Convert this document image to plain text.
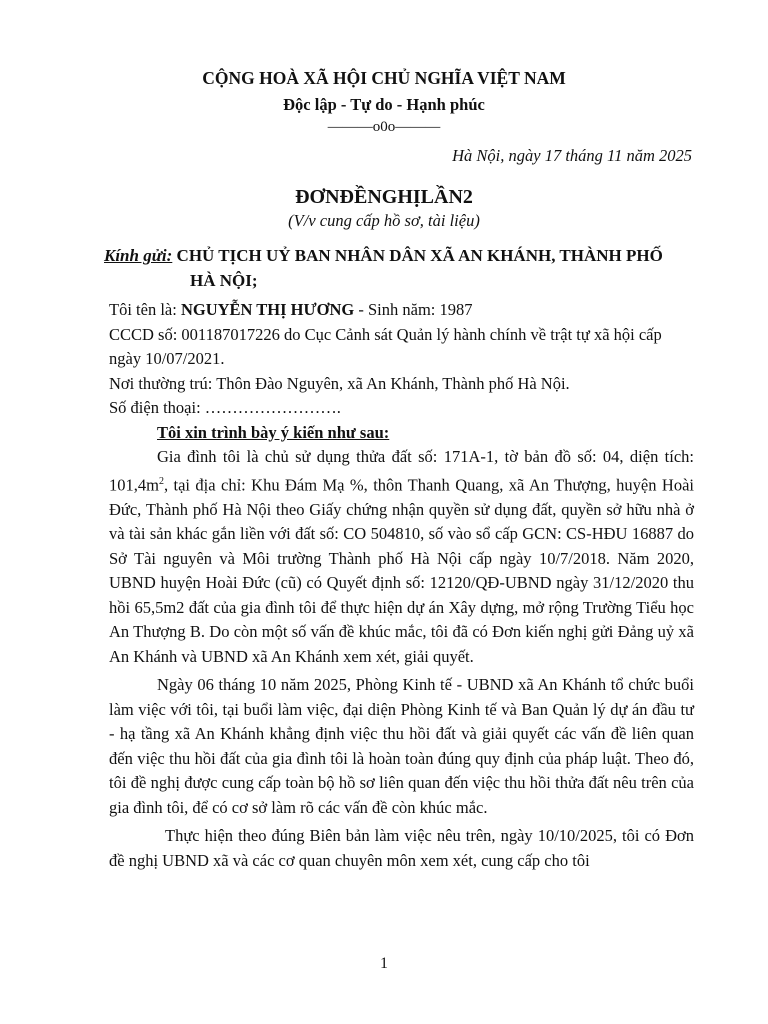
CỘNG HOÀ XÃ HỘI CHỦ NGHĨA VIỆT NAM
Độc lập - Tự do - Hạnh phúc
———o0o———
Hà Nội, ngày 17 tháng 11 năm 2025
ĐƠNĐỀNGHỊLẦN2
(V/v cung cấp hồ sơ, tài liệu)
Kính gửi: CHỦ TỊCH UỶ BAN NHÂN DÂN XÃ AN KHÁNH, THÀNH PHỐ
HÀ NỘI;

Tôi tên là: NGUYỄN THỊ HƯƠNG - Sinh năm: 1987

CCCD số: 001187017226 do Cục Cảnh sát Quản lý hành chính về trật tự xã hội cấp ngày 10/07/2021.

Nơi thường trú: Thôn Đào Nguyên, xã An Khánh, Thành phố Hà Nội.

Số điện thoại: …………………….

Tôi xin trình bày ý kiến như sau:

Gia đình tôi là chủ sử dụng thửa đất số: 171A-1, tờ bản đồ số: 04, diện tích: $101,4m^2$, tại địa chỉ: Khu Đám Mạ %, thôn Thanh Quang, xã An Thượng, huyện Hoài Đức, Thành phố Hà Nội theo Giấy chứng nhận quyền sử dụng đất, quyền sở hữu nhà ở và tài sản khác gắn liền với đất số: CO 504810, số vào sổ cấp GCN: CS-HĐU 16887 do Sở Tài nguyên và Môi trường Thành phố Hà Nội cấp ngày 10/7/2018. Năm 2020, UBND huyện Hoài Đức (cũ) có Quyết định số: 12120/QĐ-UBND ngày 31/12/2020 thu hồi 65,5m2 đất của gia đình tôi để thực hiện dự án Xây dựng, mở rộng Trường Tiểu học An Thượng B. Do còn một số vấn đề khúc mắc, tôi đã có Đơn kiến nghị gửi Đảng uỷ xã An Khánh và UBND xã An Khánh xem xét, giải quyết.

Ngày 06 tháng 10 năm 2025, Phòng Kinh tế - UBND xã An Khánh tổ chức buổi làm việc với tôi, tại buổi làm việc, đại diện Phòng Kinh tế và Ban Quản lý dự án đầu tư - hạ tầng xã An Khánh khẳng định việc thu hồi đất và giải quyết các vấn đề liên quan đến việc thu hồi đất của gia đình tôi là hoàn toàn đúng quy định của pháp luật. Theo đó, tôi đề nghị được cung cấp toàn bộ hồ sơ liên quan đến việc thu hồi thửa đất nêu trên của gia đình tôi, để có cơ sở làm rõ các vấn đề còn khúc mắc.

Thực hiện theo đúng Biên bản làm việc nêu trên, ngày 10/10/2025, tôi có Đơn đề nghị UBND xã và các cơ quan chuyên môn xem xét, cung cấp cho tôi

1
